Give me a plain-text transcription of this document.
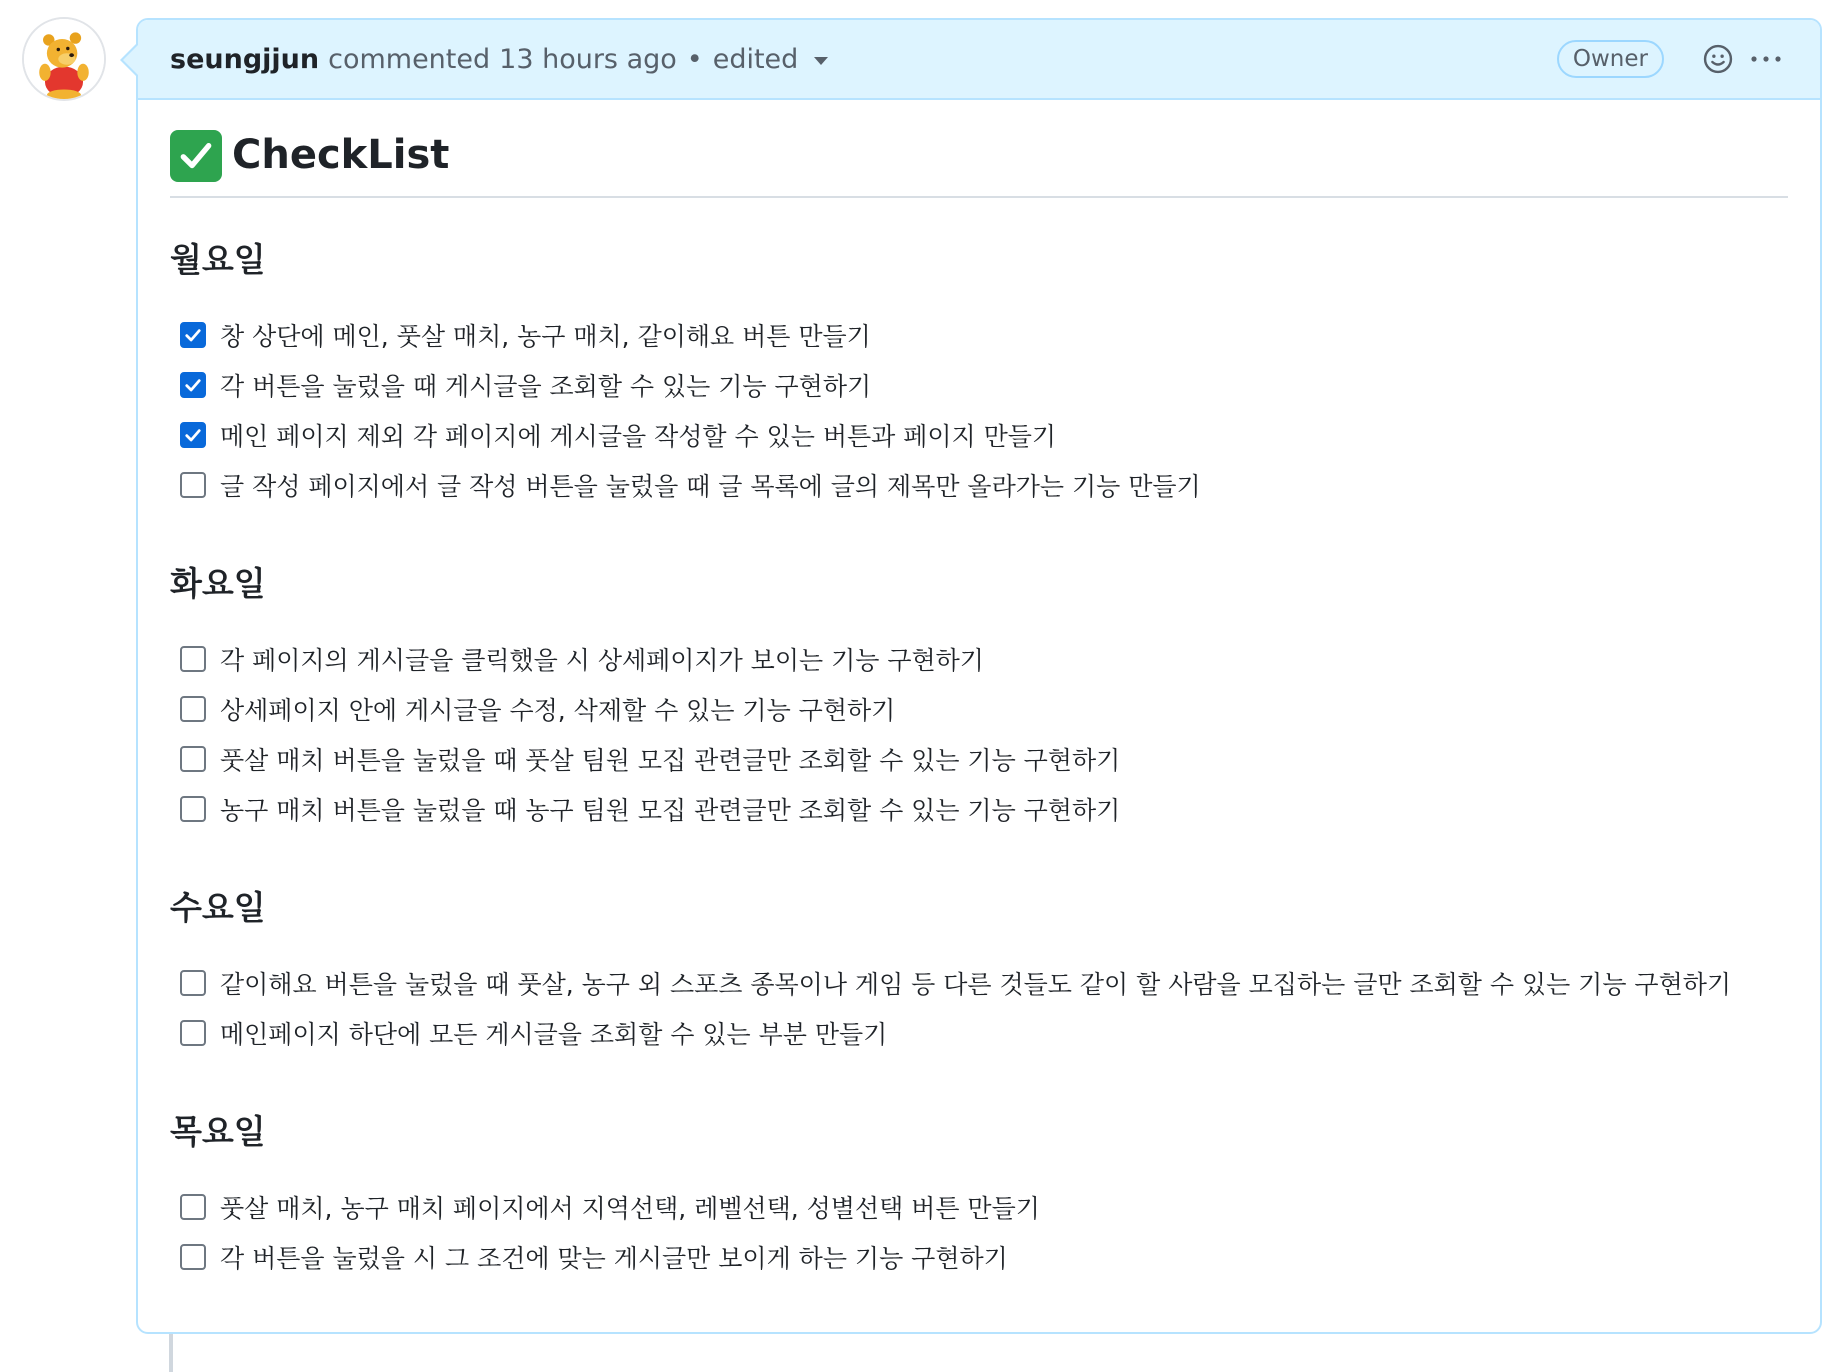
seungjjun commented 13 hours ago • edited	Owner
CheckList
월요일
창 상단에 메인, 풋살 매치, 농구 매치, 같이해요 버튼 만들기
각 버튼을 눌렀을 때 게시글을 조회할 수 있는 기능 구현하기
메인 페이지 제외 각 페이지에 게시글을 작성할 수 있는 버튼과 페이지 만들기
글 작성 페이지에서 글 작성 버튼을 눌렀을 때 글 목록에 글의 제목만 올라가는 기능 만들기
화요일
각 페이지의 게시글을 클릭했을 시 상세페이지가 보이는 기능 구현하기
상세페이지 안에 게시글을 수정, 삭제할 수 있는 기능 구현하기
풋살 매치 버튼을 눌렀을 때 풋살 팀원 모집 관련글만 조회할 수 있는 기능 구현하기
농구 매치 버튼을 눌렀을 때 농구 팀원 모집 관련글만 조회할 수 있는 기능 구현하기
수요일
같이해요 버튼을 눌렀을 때 풋살, 농구 외 스포츠 종목이나 게임 등 다른 것들도 같이 할 사람을 모집하는 글만 조회할 수 있는 기능 구현하기
메인페이지 하단에 모든 게시글을 조회할 수 있는 부분 만들기
목요일
풋살 매치, 농구 매치 페이지에서 지역선택, 레벨선택, 성별선택 버튼 만들기
각 버튼을 눌렀을 시 그 조건에 맞는 게시글만 보이게 하는 기능 구현하기
